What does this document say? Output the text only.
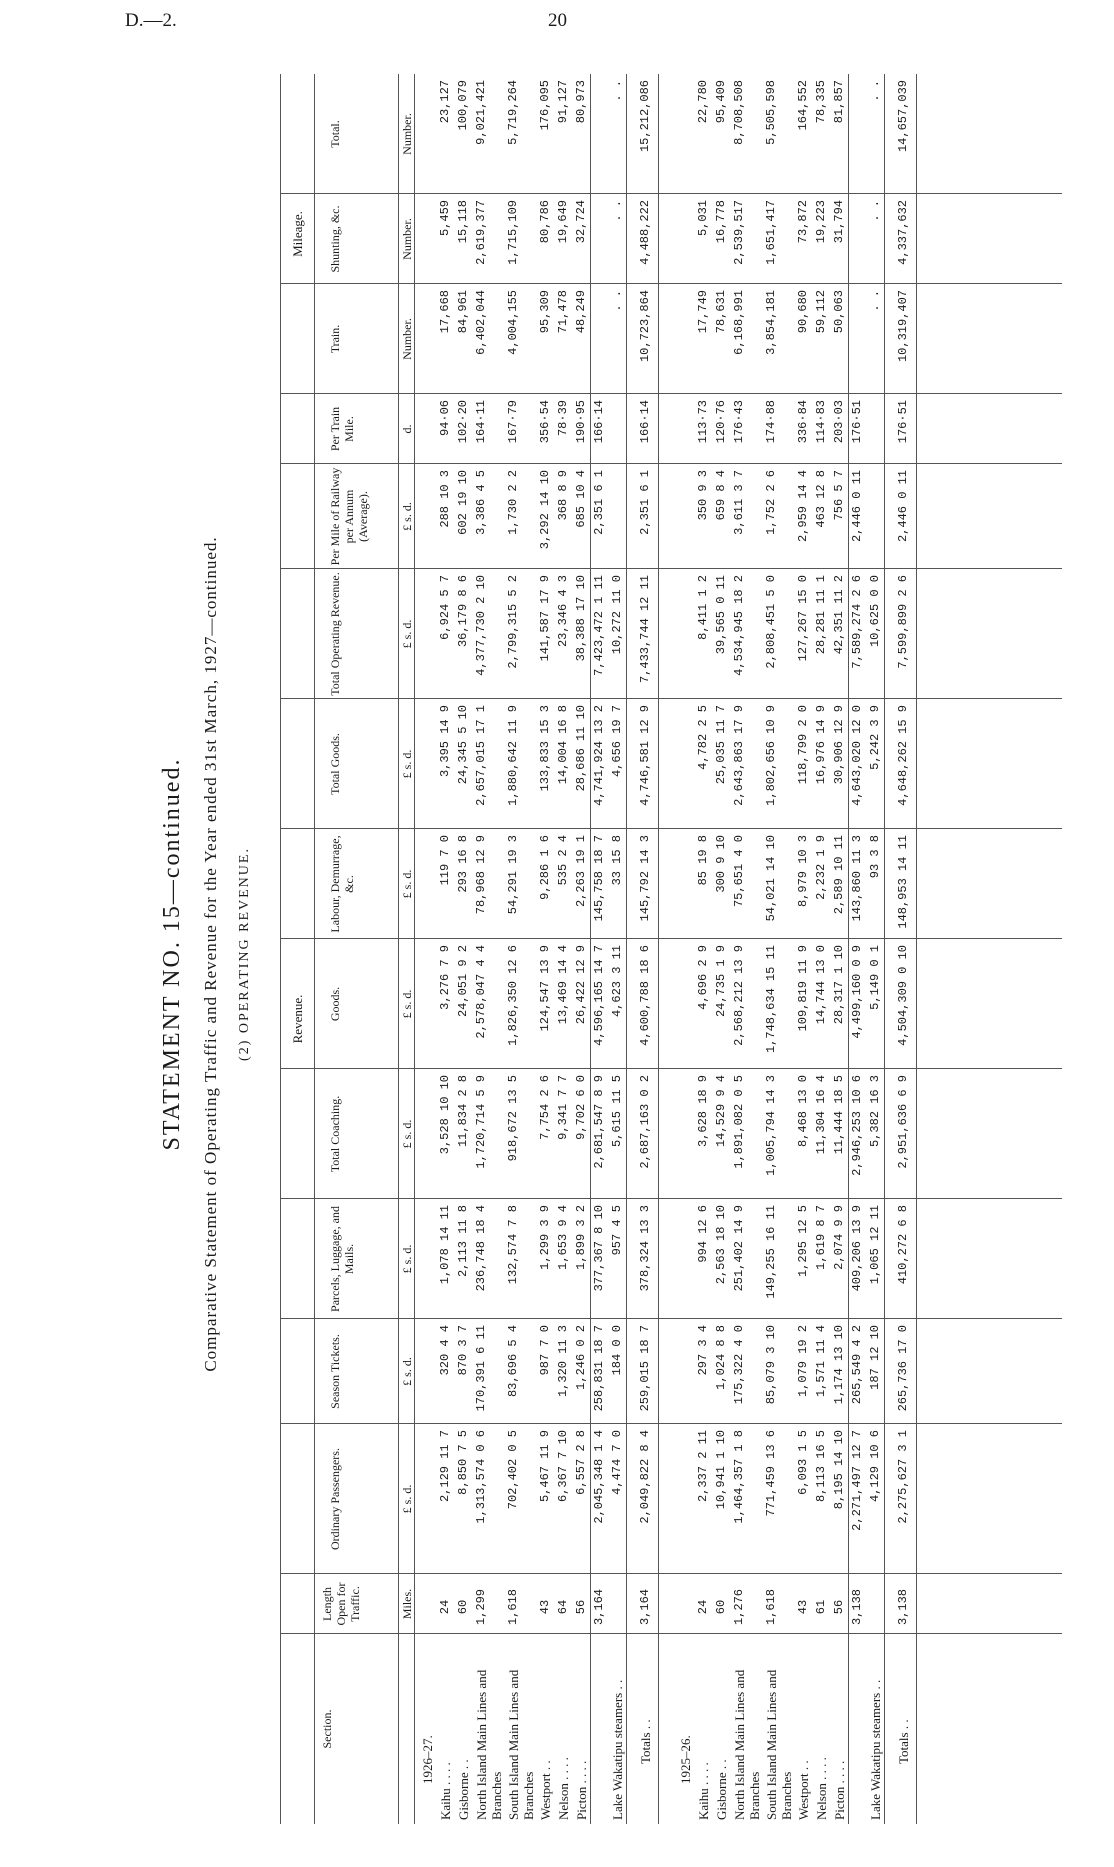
D.—2.	20
STATEMENT NO. 15—continued. Comparative Statement of Operating Traffic and Revenue for the Year ended 31st March, 1927—continued. (2) OPERATING REVENUE.	Revenue.
Mileage.
Section.
Length Open for Traffic.
Ordinary Passengers.
Season Tickets.
Parcels, Luggage, and Mails.
Total Coaching.
Goods.
Labour, Demurrage, &c.
Total Goods.
Total Operating Revenue.
Per Mile of Railway per Annum (Average).
Per Train Mile.
Train.
Shunting, &c.
Total.
Miles.
£ s. d.
£ s. d.
£ s. d.
£ s. d.
£ s. d.
£ s. d.
£ s. d.
£ s. d.
£ s. d.
d.
Number.
Number.
Number.
1926–27.
Kaihu . . . .
24
2,129 11 7
320 4 4
1,078 14 11
3,528 10 10
3,276 7 9
119 7 0
3,395 14 9
6,924 5 7
288 10 3
94·06
17,668
5,459
23,127
Gisborne . .
60
8,850 7 5
870 3 7
2,113 11 8
11,834 2 8
24,051 9 2
293 16 8
24,345 5 10
36,179 8 6
602 19 10
102·20
84,961
15,118
100,079
North Island Main Lines and Branches
1,299
1,313,574 0 6
170,391 6 11
236,748 18 4
1,720,714 5 9
2,578,047 4 4
78,968 12 9
2,657,015 17 1
4,377,730 2 10
3,386 4 5
164·11
6,402,044
2,619,377
9,021,421
South Island Main Lines and Branches
1,618
702,402 0 5
83,696 5 4
132,574 7 8
918,672 13 5
1,826,350 12 6
54,291 19 3
1,880,642 11 9
2,799,315 5 2
1,730 2 2
167·79
4,004,155
1,715,109
5,719,264
Westport . .
43
5,467 11 9
987 7 0
1,299 3 9
7,754 2 6
124,547 13 9
9,286 1 6
133,833 15 3
141,587 17 9
3,292 14 10
356·54
95,309
80,786
176,095
Nelson . . . .
64
6,367 7 10
1,320 11 3
1,653 9 4
9,341 7 7
13,469 14 4
535 2 4
14,004 16 8
23,346 4 3
368 8 9
78·39
71,478
19,649
91,127
Picton . . . .
56
6,557 2 8
1,246 0 2
1,899 3 2
9,702 6 0
26,422 12 9
2,263 19 1
28,686 11 10
38,388 17 10
685 10 4
190·95
48,249
32,724
80,973
3,164
2,045,348 1 4
258,831 18 7
377,367 8 10
2,681,547 8 9
4,596,165 14 7
145,758 18 7
4,741,924 13 2
7,423,472 1 11
2,351 6 1
166·14
Lake Wakatipu steamers . .
4,474 7 0
184 0 0
957 4 5
5,615 11 5
4,623 3 11
33 15 8
4,656 19 7
10,272 11 0
. .
. .
. .
Totals . .
3,164
2,049,822 8 4
259,015 18 7
378,324 13 3
2,687,163 0 2
4,600,788 18 6
145,792 14 3
4,746,581 12 9
7,433,744 12 11
2,351 6 1
166·14
10,723,864
4,488,222
15,212,086
1925–26.
Kaihu . . . .
24
2,337 2 11
297 3 4
994 12 6
3,628 18 9
4,696 2 9
85 19 8
4,782 2 5
8,411 1 2
350 9 3
113·73
17,749
5,031
22,780
Gisborne . .
60
10,941 1 10
1,024 8 8
2,563 18 10
14,529 9 4
24,735 1 9
300 9 10
25,035 11 7
39,565 0 11
659 8 4
120·76
78,631
16,778
95,409
North Island Main Lines and Branches
1,276
1,464,357 1 8
175,322 4 0
251,402 14 9
1,891,082 0 5
2,568,212 13 9
75,651 4 0
2,643,863 17 9
4,534,945 18 2
3,611 3 7
176·43
6,168,991
2,539,517
8,708,508
South Island Main Lines and Branches
1,618
771,459 13 6
85,079 3 10
149,255 16 11
1,005,794 14 3
1,748,634 15 11
54,021 14 10
1,802,656 10 9
2,808,451 5 0
1,752 2 6
174·88
3,854,181
1,651,417
5,505,598
Westport . .
43
6,093 1 5
1,079 19 2
1,295 12 5
8,468 13 0
109,819 11 9
8,979 10 3
118,799 2 0
127,267 15 0
2,959 14 4
336·84
90,680
73,872
164,552
Nelson . . . .
61
8,113 16 5
1,571 11 4
1,619 8 7
11,304 16 4
14,744 13 0
2,232 1 9
16,976 14 9
28,281 11 1
463 12 8
114·83
59,112
19,223
78,335
Picton . . . .
56
8,195 14 10
1,174 13 10
2,074 9 9
11,444 18 5
28,317 1 10
2,589 10 11
30,906 12 9
42,351 11 2
756 5 7
203·03
50,063
31,794
81,857
3,138
2,271,497 12 7
265,549 4 2
409,206 13 9
2,946,253 10 6
4,499,160 0 9
143,860 11 3
4,643,020 12 0
7,589,274 2 6
2,446 0 11
176·51
Lake Wakatipu steamers . .
4,129 10 6
187 12 10
1,065 12 11
5,382 16 3
5,149 0 1
93 3 8
5,242 3 9
10,625 0 0
. .
. .
. .
Totals . .
3,138
2,275,627 3 1
265,736 17 0
410,272 6 8
2,951,636 6 9
4,504,309 0 10
148,953 14 11
4,648,262 15 9
7,599,899 2 6
2,446 0 11
176·51
10,319,407
4,337,632
14,657,039
